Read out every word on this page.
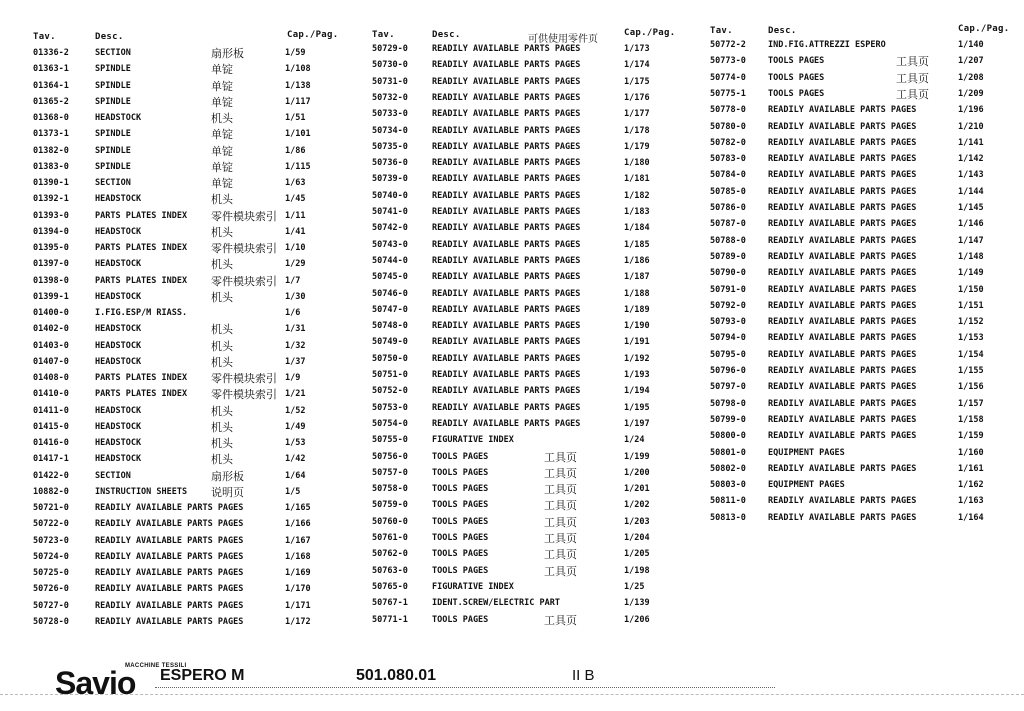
Tav.	Desc.	Cap./Pag.
01336-2	SECTION	扇形板	1/59
01363-1	SPINDLE	单锭	1/108
01364-1	SPINDLE	单锭	1/138
01365-2	SPINDLE	单锭	1/117
01368-0	HEADSTOCK	机头	1/51
01373-1	SPINDLE	单锭	1/101
01382-0	SPINDLE	单锭	1/86
01383-0	SPINDLE	单锭	1/115
01390-1	SECTION	单锭	1/63
01392-1	HEADSTOCK	机头	1/45
01393-0	PARTS PLATES INDEX 零件模块索引 1/11
01394-0	HEADSTOCK	机头	1/41
01395-0	PARTS PLATES INDEX 零件模块索引 1/10
01397-0	HEADSTOCK	机头	1/29
01398-0	PARTS PLATES INDEX 零件模块索引 1/7
01399-1	HEADSTOCK	机头	1/30
01400-0	I.FIG.ESP/M RIASS.	1/6
01402-0	HEADSTOCK	机头	1/31
01403-0	HEADSTOCK	机头	1/32
01407-0	HEADSTOCK	机头	1/37
01408-0	PARTS PLATES INDEX 零件模块索引 1/9
01410-0	PARTS PLATES INDEX 零件模块索引 1/21
01411-0	HEADSTOCK	机头	1/52
01415-0	HEADSTOCK	机头	1/49
01416-0	HEADSTOCK	机头	1/53
01417-1	HEADSTOCK	机头	1/42
01422-0	SECTION	扇形板	1/64
10882-0	INSTRUCTION SHEETS 说明页	1/5
50721-0	READILY AVAILABLE PARTS PAGES	1/165
50722-0	READILY AVAILABLE PARTS PAGES	1/166
50723-0	READILY AVAILABLE PARTS PAGES	1/167
50724-0	READILY AVAILABLE PARTS PAGES	1/168
50725-0	READILY AVAILABLE PARTS PAGES	1/169
50726-0	READILY AVAILABLE PARTS PAGES	1/170
50727-0	READILY AVAILABLE PARTS PAGES	1/171
50728-0	READILY AVAILABLE PARTS PAGES	1/172
Tav.	Desc.	Cap./Pag.
可供使用零件页
50729-0	READILY AVAILABLE PARTS PAGES	1/173
50730-0	READILY AVAILABLE PARTS PAGES	1/174
50731-0	READILY AVAILABLE PARTS PAGES	1/175
50732-0	READILY AVAILABLE PARTS PAGES	1/176
50733-0	READILY AVAILABLE PARTS PAGES	1/177
50734-0	READILY AVAILABLE PARTS PAGES	1/178
50735-0	READILY AVAILABLE PARTS PAGES	1/179
50736-0	READILY AVAILABLE PARTS PAGES	1/180
50739-0	READILY AVAILABLE PARTS PAGES	1/181
50740-0	READILY AVAILABLE PARTS PAGES	1/182
50741-0	READILY AVAILABLE PARTS PAGES	1/183
50742-0	READILY AVAILABLE PARTS PAGES	1/184
50743-0	READILY AVAILABLE PARTS PAGES	1/185
50744-0	READILY AVAILABLE PARTS PAGES	1/186
50745-0	READILY AVAILABLE PARTS PAGES	1/187
50746-0	READILY AVAILABLE PARTS PAGES	1/188
50747-0	READILY AVAILABLE PARTS PAGES	1/189
50748-0	READILY AVAILABLE PARTS PAGES	1/190
50749-0	READILY AVAILABLE PARTS PAGES	1/191
50750-0	READILY AVAILABLE PARTS PAGES	1/192
50751-0	READILY AVAILABLE PARTS PAGES	1/193
50752-0	READILY AVAILABLE PARTS PAGES	1/194
50753-0	READILY AVAILABLE PARTS PAGES	1/195
50754-0	READILY AVAILABLE PARTS PAGES	1/197
50755-0	FIGURATIVE INDEX	1/24
50756-0	TOOLS PAGES	工具页	1/199
50757-0	TOOLS PAGES	工具页	1/200
50758-0	TOOLS PAGES	工具页	1/201
50759-0	TOOLS PAGES	工具页	1/202
50760-0	TOOLS PAGES	工具页	1/203
50761-0	TOOLS PAGES	工具页	1/204
50762-0	TOOLS PAGES	工具页	1/205
50763-0	TOOLS PAGES	工具页	1/198
50765-0	FIGURATIVE INDEX	1/25
50767-1	IDENT.SCREW/ELECTRIC PART	1/139
50771-1	TOOLS PAGES	工具页	1/206
Tav.	Desc.	Cap./Pag.
50772-2	IND.FIG.ATTREZZI ESPERO	1/140
50773-0	TOOLS PAGES	工具页	1/207
50774-0	TOOLS PAGES	工具页	1/208
50775-1	TOOLS PAGES	工具页	1/209
50778-0	READILY AVAILABLE PARTS PAGES	1/196
50780-0	READILY AVAILABLE PARTS PAGES	1/210
50782-0	READILY AVAILABLE PARTS PAGES	1/141
50783-0	READILY AVAILABLE PARTS PAGES	1/142
50784-0	READILY AVAILABLE PARTS PAGES	1/143
50785-0	READILY AVAILABLE PARTS PAGES	1/144
50786-0	READILY AVAILABLE PARTS PAGES	1/145
50787-0	READILY AVAILABLE PARTS PAGES	1/146
50788-0	READILY AVAILABLE PARTS PAGES	1/147
50789-0	READILY AVAILABLE PARTS PAGES	1/148
50790-0	READILY AVAILABLE PARTS PAGES	1/149
50791-0	READILY AVAILABLE PARTS PAGES	1/150
50792-0	READILY AVAILABLE PARTS PAGES	1/151
50793-0	READILY AVAILABLE PARTS PAGES	1/152
50794-0	READILY AVAILABLE PARTS PAGES	1/153
50795-0	READILY AVAILABLE PARTS PAGES	1/154
50796-0	READILY AVAILABLE PARTS PAGES	1/155
50797-0	READILY AVAILABLE PARTS PAGES	1/156
50798-0	READILY AVAILABLE PARTS PAGES	1/157
50799-0	READILY AVAILABLE PARTS PAGES	1/158
50800-0	READILY AVAILABLE PARTS PAGES	1/159
50801-0	EQUIPMENT PAGES	1/160
50802-0	READILY AVAILABLE PARTS PAGES	1/161
50803-0	EQUIPMENT PAGES	1/162
50811-0	READILY AVAILABLE PARTS PAGES	1/163
50813-0	READILY AVAILABLE PARTS PAGES	1/164
MACCHINE TESSILI
Savio ESPERO M	501.080.01	II B
